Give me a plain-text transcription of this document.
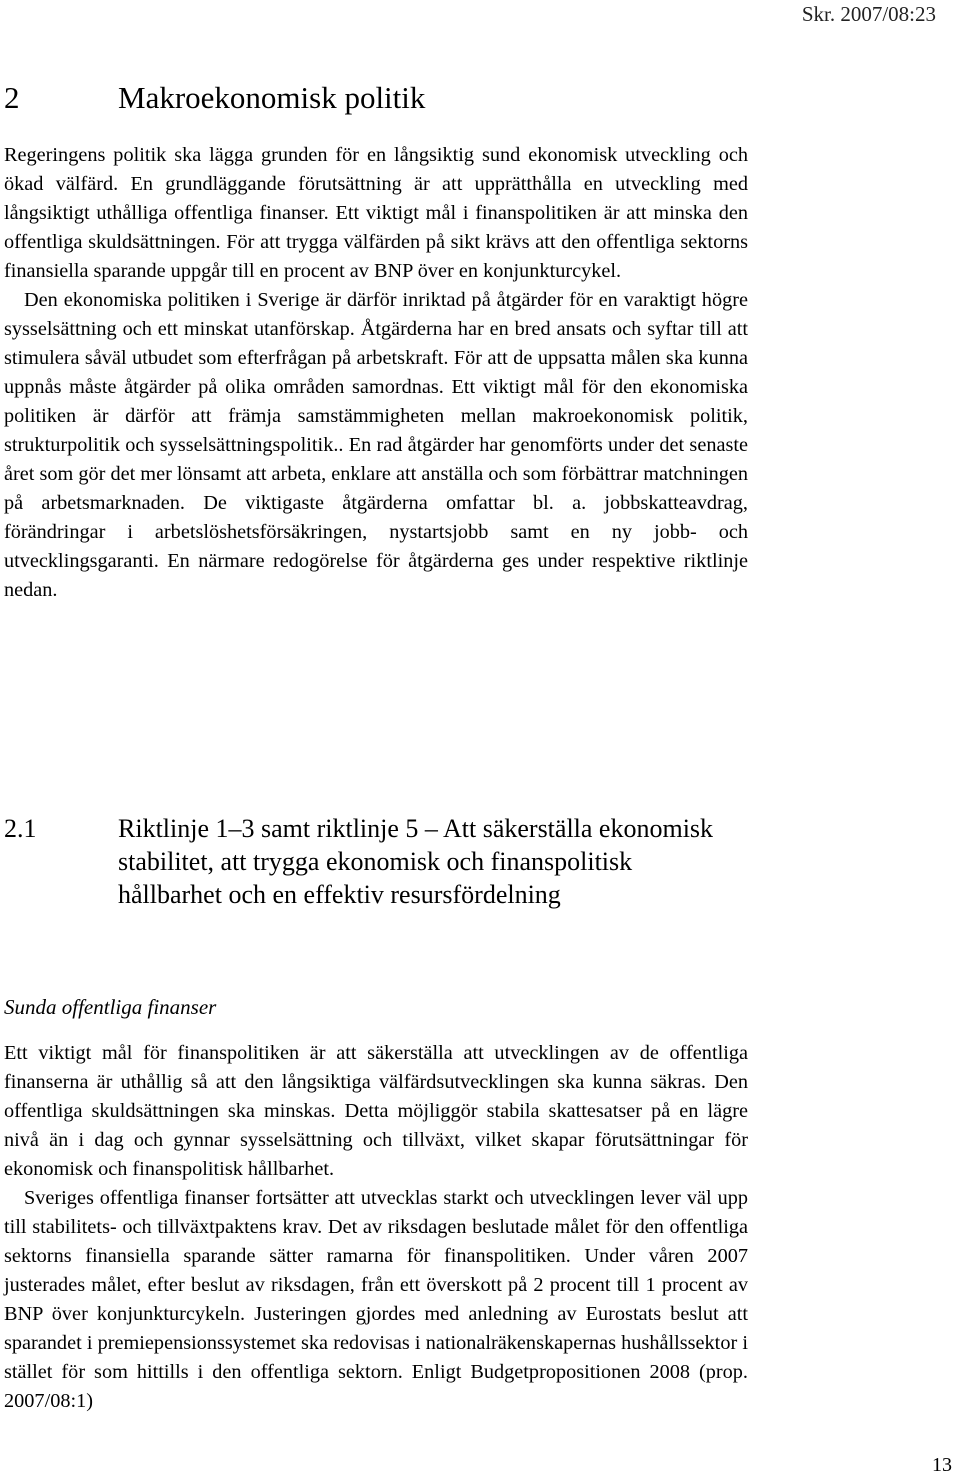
Skr. 2007/08:23
2	Makroekonomisk politik

Regeringens politik ska lägga grunden för en långsiktig sund ekonomisk utveckling och ökad välfärd. En grundläggande förutsättning är att upprätthålla en utveckling med långsiktigt uthålliga offentliga finanser. Ett viktigt mål i finanspolitiken är att minska den offentliga skuldsättningen. För att trygga välfärden på sikt krävs att den offentliga sektorns finansiella sparande uppgår till en procent av BNP över en konjunkturcykel.

Den ekonomiska politiken i Sverige är därför inriktad på åtgärder för en varaktigt högre sysselsättning och ett minskat utanförskap. Åtgärderna har en bred ansats och syftar till att stimulera såväl utbudet som efterfrågan på arbetskraft. För att de uppsatta målen ska kunna uppnås måste åtgärder på olika områden samordnas. Ett viktigt mål för den ekonomiska politiken är därför att främja samstämmigheten mellan makroekonomisk politik, strukturpolitik och sysselsättningspolitik.. En rad åtgärder har genomförts under det senaste året som gör det mer lönsamt att arbeta, enklare att anställa och som förbättrar matchningen på arbetsmarknaden. De viktigaste åtgärderna omfattar bl. a. jobbskatteavdrag, förändringar i arbetslöshetsförsäkringen, nystartsjobb samt en ny jobb- och utvecklingsgaranti. En närmare redogörelse för åtgärderna ges under respektive riktlinje nedan.

2.1	Riktlinje 1–3 samt riktlinje 5 – Att säkerställa ekonomisk stabilitet, att trygga ekonomisk och finanspolitisk hållbarhet och en effektiv resursfördelning
Sunda offentliga finanser

Ett viktigt mål för finanspolitiken är att säkerställa att utvecklingen av de offentliga finanserna är uthållig så att den långsiktiga välfärdsutvecklingen ska kunna säkras. Den offentliga skuldsättningen ska minskas. Detta möjliggör stabila skattesatser på en lägre nivå än i dag och gynnar sysselsättning och tillväxt, vilket skapar förutsättningar för ekonomisk och finanspolitisk hållbarhet.

Sveriges offentliga finanser fortsätter att utvecklas starkt och utvecklingen lever väl upp till stabilitets- och tillväxtpaktens krav. Det av riksdagen beslutade målet för den offentliga sektorns finansiella sparande sätter ramarna för finanspolitiken. Under våren 2007 justerades målet, efter beslut av riksdagen, från ett överskott på 2 procent till 1 procent av BNP över konjunkturcykeln. Justeringen gjordes med anledning av Eurostats beslut att sparandet i premiepensionssystemet ska redovisas i nationalräkenskapernas hushållssektor i stället för som hittills i den offentliga sektorn. Enligt Budgetpropositionen 2008 (prop. 2007/08:1)

13
